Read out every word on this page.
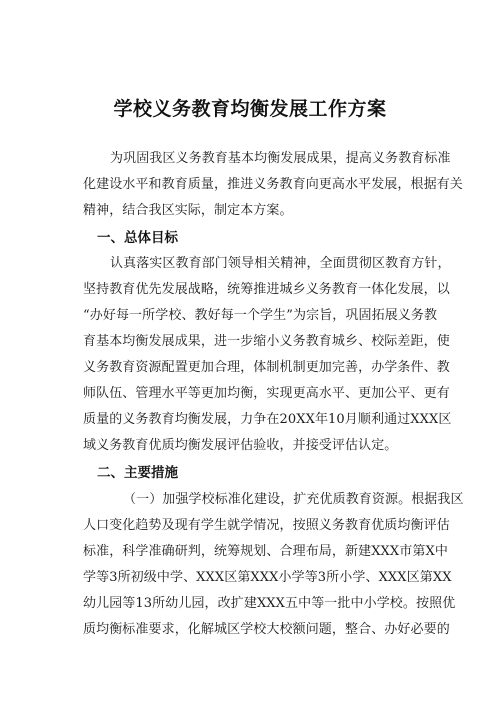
学校义务教育均衡发展工作方案
为巩固我区义务教育基本均衡发展成果，提高义务教育标准
化建设水平和教育质量，推进义务教育向更高水平发展，根据有关
精神，结合我区实际，制定本方案。
一、总体目标
认真落实区教育部门领导相关精神，全面贯彻区教育方针，
坚持教育优先发展战略，统筹推进城乡义务教育一体化发展，以
“办好每一所学校、教好每一个学生”为宗旨，巩固拓展义务教
育基本均衡发展成果，进一步缩小义务教育城乡、校际差距，使
义务教育资源配置更加合理，体制机制更加完善，办学条件、教
师队伍、管理水平等更加均衡，实现更高水平、更加公平、更有
质量的义务教育均衡发展，力争在20XX年10月顺利通过XXX区
域义务教育优质均衡发展评估验收，并接受评估认定。
二、主要措施
（一）加强学校标准化建设，扩充优质教育资源。根据我区
人口变化趋势及现有学生就学情况，按照义务教育优质均衡评估
标准，科学准确研判，统筹规划、合理布局，新建XXX市第X中
学等3所初级中学、XXX区第XXX小学等3所小学、XXX区第XX
幼儿园等13所幼儿园，改扩建XXX五中等一批中小学校。按照优
质均衡标准要求，化解城区学校大校额问题，整合、办好必要的
